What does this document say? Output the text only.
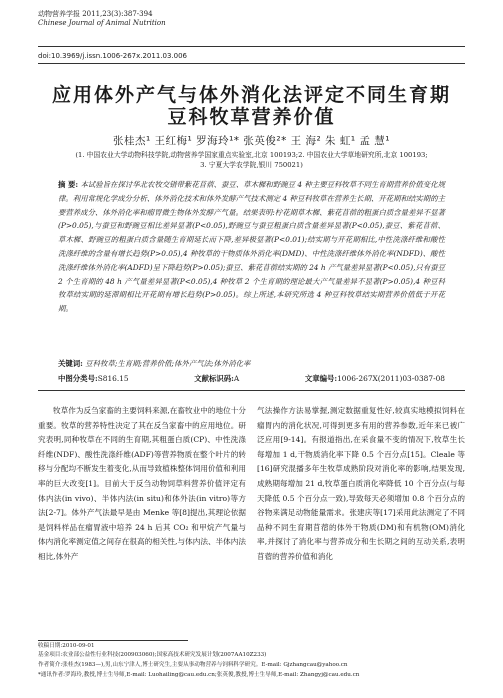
动物营养学报 2011,23(3):387-394
Chinese Journal of Animal Nutrition
doi:10.3969/j.issn.1006-267x.2011.03.006
应用体外产气与体外消化法评定不同生育期
豆科牧草营养价值
张桂杰¹ 王红梅¹ 罗海玲¹* 张英俊²* 王 海² 朱 虹¹ 孟 慧¹
(1. 中国农业大学动物科技学院,动物营养学国家重点实验室,北京 100193;2. 中国农业大学草地研究所,北京 100193;
3. 宁夏大学农学院,银川 750021)
摘 要: 本试验旨在探讨华北农牧交错带紫花苜蓿、蚕豆、草木樨和野豌豆 4 种主要豆科牧草不同生育期营养价值变化规律。利用常规化学成分分析、体外消化技术和体外发酵产气技术测定 4 种豆科牧草在营养生长期、开花期和结实期的主要营养成分、体外消化率和瘤胃微生物体外发酵产气量。结果表明:柠花期草木樨、紫花苜蓿的粗蛋白质含量差异不显著(P>0.05),与蚕豆和野豌豆相比差异显著(P<0.05),野豌豆与蚕豆粗蛋白质含量差异显著(P<0.05),蚕豆、紫花苜蓿、草木樨、野豌豆的粗蛋白质含量随生育期延长而下降,差异极显著(P<0.01);结实期与开花期相比,中性洗涤纤维和酸性洗涤纤维的含量有增长趋势(P>0.05),4 种牧草的干物质体外消化率(DMD)、中性洗涤纤维体外消化率(NDFD)、酸性洗涤纤维体外消化率(ADFD)呈下降趋势(P>0.05);蚕豆、紫花苜蓿结实期的 24 h 产气量差异显著(P<0.05),只有蚕豆 2 个生育期的 48 h 产气量差异显著(P<0.05),4 种牧草 2 个生育期的理论最大产气量差异不显著(P>0.05),4 种豆科牧草结实期的延滞期相比开花期有增长趋势(P>0.05)。综上所述,本研究所选 4 种豆科牧草结实期营养价值低于开花期。
关键词: 豆科牧草;生育期;营养价值;体外产气法;体外消化率
中图分类号:S816.15	文献标识码:A	文章编号:1006-267X(2011)03-0387-08
牧草作为反刍家畜的主要饲料来源,在畜牧业中的地位十分重要。牧草的营养特性决定了其在反刍家畜中的应用地位。研究表明,同种牧草在不同的生育期,其粗蛋白质(CP)、中性洗涤纤维(NDF)、酸性洗涤纤维(ADF)等营养物质在整个叶片的转移与分配均不断发生着变化,从而导致植株整体饲用价值和利用率的巨大改变[1]。目前大于反刍动物饲草料营养价值评定有体内法(in vivo)、半体内法(in situ)和体外法(in vitro)等方法[2-7]。体外产气法最早是由 Menke 等[8]提出,其理论依据是饲料样品在瘤胃液中培养 24 h 后其 CO₂ 和甲烷产气量与体内消化率测定值之间存在很高的相关性,与体内法、半体内法相比,体外产
气法操作方法易掌握,测定数据重复性好,较真实地模拟饲料在瘤胃内的消化状况,可得到更多有用的营养参数,近年来已被广泛应用[9-14]。有报道指出,在采食量不变的情况下,牧草生长每增加 1 d,干物质消化率下降 0.5 个百分点[15]。Cleale 等[16]研究混播多年生牧草成熟阶段对消化率的影响,结果发现,成熟期每增加 21 d,牧草蛋白质消化率降低 10 个百分点(与每天降低 0.5 个百分点一致),导致每天必须增加 0.8 个百分点的谷物来满足动物能量需求。张建庆等[17]采用此法测定了不同品种不同生育期苜蓿的体外干物质(DM)和有机物(OM)消化率,并探讨了消化率与营养成分和生长期之间的互动关系,表明苜蓿的营养价值和消化
收稿日期:2010-09-01
基金项目:农业部公益性行业科技(200903060);国家高技术研究发展计划(2007AA10Z233)
作者简介:张桂杰(1983—),男,山东宁津人,博士研究生,主要从事动物营养与饲料科学研究。E-mail: Gjzhangcau@yahoo.cn
*通讯作者:罗海玲,教授,博士生导师,E-mail: Luohailing@cau.edu.cn;张英俊,教授,博士生导师,E-mail: Zhangyj@cau.edu.cn
